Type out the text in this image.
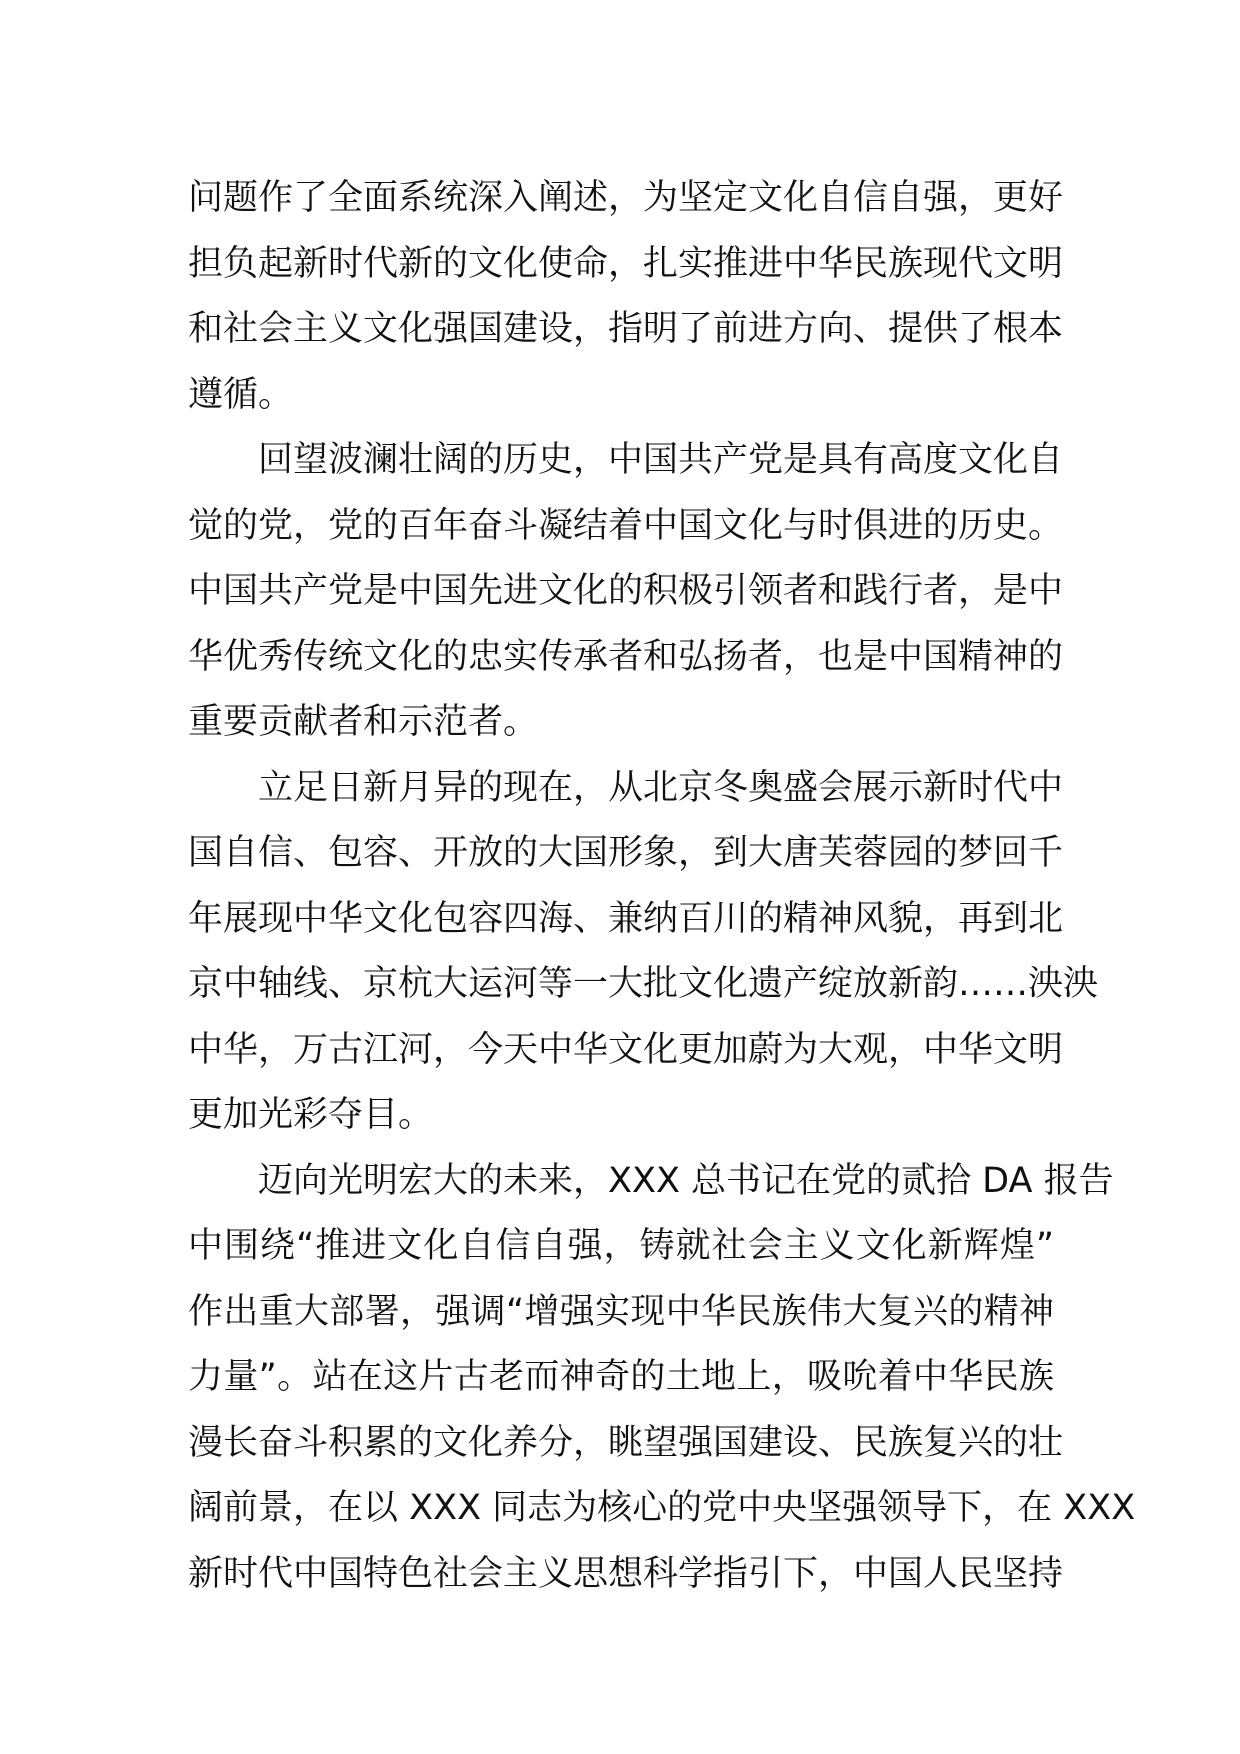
问题作了全面系统深入阐述，为坚定文化自信自强，更好
担负起新时代新的文化使命，扎实推进中华民族现代文明
和社会主义文化强国建设，指明了前进方向、提供了根本
遵循。
回望波澜壮阔的历史，中国共产党是具有高度文化自
觉的党，党的百年奋斗凝结着中国文化与时俱进的历史。
中国共产党是中国先进文化的积极引领者和践行者，是中
华优秀传统文化的忠实传承者和弘扬者，也是中国精神的
重要贡献者和示范者。
立足日新月异的现在，从北京冬奥盛会展示新时代中
国自信、包容、开放的大国形象，到大唐芙蓉园的梦回千
年展现中华文化包容四海、兼纳百川的精神风貌，再到北
京中轴线、京杭大运河等一大批文化遗产绽放新韵……泱泱
中华，万古江河，今天中华文化更加蔚为大观，中华文明
更加光彩夺目。
迈向光明宏大的未来，XXX 总书记在党的贰拾 DA 报告
中围绕“推进文化自信自强，铸就社会主义文化新辉煌”
作出重大部署，强调“增强实现中华民族伟大复兴的精神
力量”。站在这片古老而神奇的土地上，吸吮着中华民族
漫长奋斗积累的文化养分，眺望强国建设、民族复兴的壮
阔前景，在以 XXX 同志为核心的党中央坚强领导下，在 XXX
新时代中国特色社会主义思想科学指引下，中国人民坚持
